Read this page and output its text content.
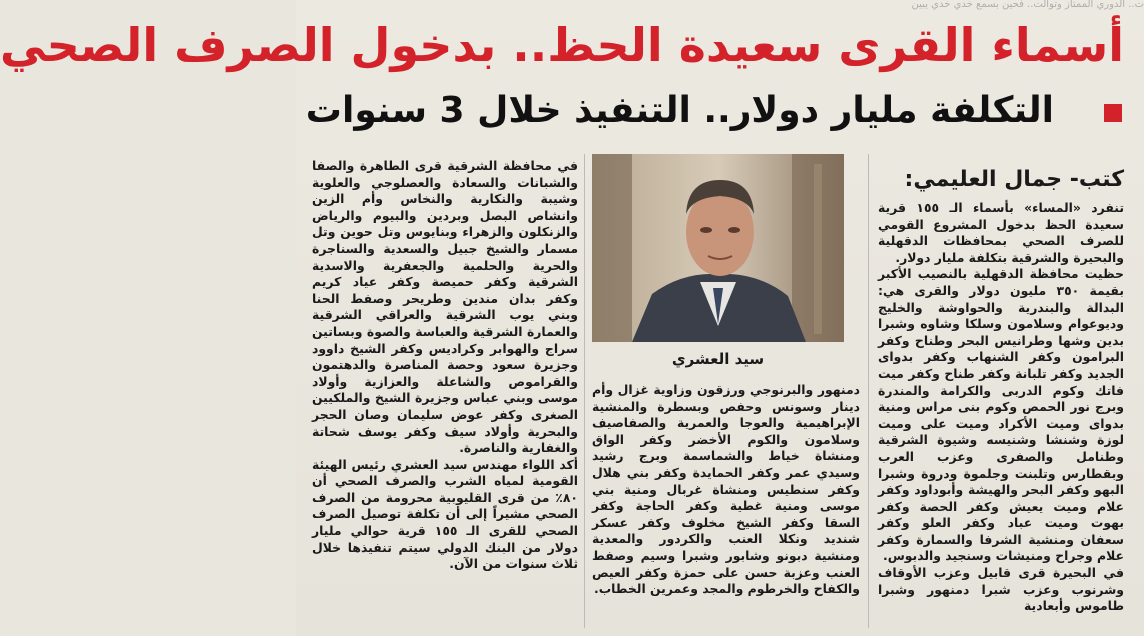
ت.. الدوري الممتاز وتوالت.. فحين بسمع خدي خدي يبين
أسماء القرى سعيدة الحظ.. بدخول الصرف الصحي
التكلفة مليار دولار.. التنفيذ خلال 3 سنوات
كتب- جمال العليمي:

تنفرد «المساء» بأسماء الـ ١٥٥ قرية سعيدة الحظ بدخول المشروع القومي للصرف الصحي بمحافظات الدقهلية والبحيرة والشرقية بتكلفة مليار دولار.

حظيت محافظة الدقهلية بالنصيب الأكبر بقيمة ٣٥٠ مليون دولار والقرى هي: البدالة والبندرية والحواوشة والخليج وديوعوام وسلامون وسلكا وشاوه وشبرا بدين وشها وطرانيس البحر وطناح وكفر البرامون وكفر الشنهاب وكفر بدواى الجديد وكفر تلبانة وكفر طناح وكفر ميت فاتك وكوم الدربى والكرامة والمندرة وبرج نور الحمص وكوم بنى مراس ومنية بدواى وميت الأكراد وميت على وميت لوزة وشنشا وشنيسه وشيوة الشرقية وطنامل والصفرى وعزب العرب وبقطارس وتلبنت وجلموة ودروة وشبرا البهو وكفر البحر والهيشة وأبوداود وكفر علام وميت يعيش وكفر الحصة وكفر بهوت وميت عباد وكفر العلو وكفر سعفان ومنشية الشرفا والسمارة وكفر علام وجراح ومنيشات وسنجيد والدبوس.

في البحيرة قرى قابيل وعزب الأوقاف وشرنوب وعزب شبرا دمنهور وشبرا طاموس وأبعادية

سيد العشري

دمنهور والبرنوجي ورزقون وزاوية غزال وأم دينار وسونس وحفص وبسطرة والمنشية الإبراهيمية والعوجا والعمرية والصفاصيف وسلامون والكوم الأخضر وكفر الواق ومنشاة خياط والشماسمة وبرج رشيد وسيدي عمر وكفر الحمايدة وكفر بني هلال وكفر سنطيس ومنشاة غربال ومنية بني موسى ومنية غطية وكفر الحاجة وكفر السقا وكفر الشيخ مخلوف وكفر عسكر شنديد ونكلا العنب والكردور والمعدية ومنشية دبونو وشابور وشبرا وسيم وصفط العنب وعزبة حسن على حمزة وكفر العيص والكفاح والخرطوم والمجد وعمرين الخطاب.

في محافظة الشرقية قرى الطاهرة والصفا والشبانات والسعادة والعصلوجي والعلوية وشيبة والنكارية والنخاس وأم الزين وانشاص البصل وبردين والبيوم والرياض والزنكلون والزهراء وبنايوس وتل حوين وتل مسمار والشيخ جبيل والسعدية والسناجرة والحرية والحلمية والجعفرية والاسدية الشرقية وكفر حميصة وكفر عياد كريم وكفر بدان مندين وطريحر وصفط الحنا وبني يوب الشرقية والعراقي الشرقية والعمارة الشرقية والعباسة والصوة وبساتين سراج والهوابر وكراديس وكفر الشيخ داوود وجزيرة سعود وحصة المناصرة والدهتمون والقراموص والشاعلة والعزازية وأولاد موسى وبني عباس وجزيرة الشيخ والملكيين الصغرى وكفر عوض سليمان وصان الحجر والبحرية وأولاد سيف وكفر يوسف شحاتة والغفارية والناصرة.

أكد اللواء مهندس سيد العشري رئيس الهيئة القومية لمياه الشرب والصرف الصحي أن ٨٠٪ من قرى القليوبية محرومة من الصرف الصحي مشيراً إلى أن تكلفة توصيل الصرف الصحي للقرى الـ ١٥٥ قرية حوالي مليار دولار من البنك الدولي سيتم تنفيذها خلال ثلاث سنوات من الآن.
